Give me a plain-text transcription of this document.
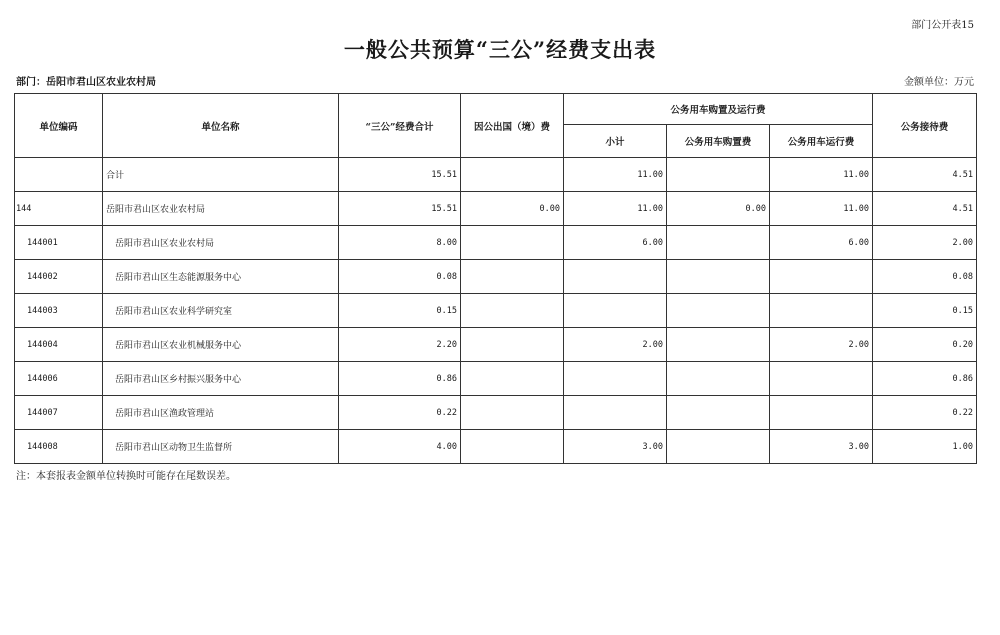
部门公开表15
一般公共预算“三公”经费支出表
部门：岳阳市君山区农业农村局	金额单位：万元
单位编码	单位名称	“三公”经费合计	因公出国（境）费	公务用车购置及运行费			公务接待费
				小计	公务用车购置费	公务用车运行费	
	合计	15.51		11.00		11.00	4.51
144	岳阳市君山区农业农村局	15.51	0.00	11.00	0.00	11.00	4.51
144001	岳阳市君山区农业农村局	8.00		6.00		6.00	2.00
144002	岳阳市君山区生态能源服务中心	0.08					0.08
144003	岳阳市君山区农业科学研究室	0.15					0.15
144004	岳阳市君山区农业机械服务中心	2.20		2.00		2.00	0.20
144006	岳阳市君山区乡村振兴服务中心	0.86					0.86
144007	岳阳市君山区渔政管理站	0.22					0.22
144008	岳阳市君山区动物卫生监督所	4.00		3.00		3.00	1.00
注：本套报表金额单位转换时可能存在尾数误差。
